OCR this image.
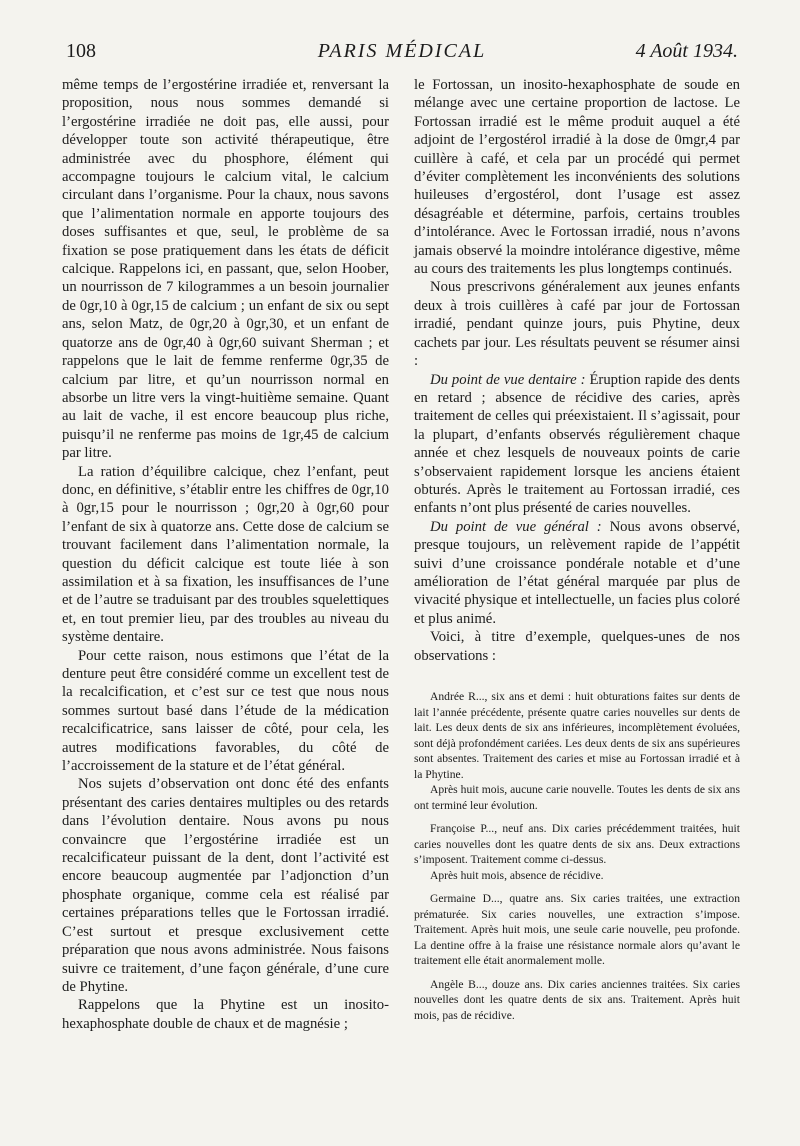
108	PARIS MÉDICAL	4 Août 1934.

même temps de l’ergostérine irradiée et, renversant la proposition, nous nous sommes demandé si l’ergostérine irradiée ne doit pas, elle aussi, pour développer toute son activité thérapeutique, être administrée avec du phosphore, élément qui accompagne toujours le calcium vital, le calcium circulant dans l’organisme. Pour la chaux, nous savons que l’alimentation normale en apporte toujours des doses suffisantes et que, seul, le problème de sa fixation se pose pratiquement dans les états de déficit calcique. Rappelons ici, en passant, que, selon Hoober, un nourrisson de 7 kilogrammes a un besoin journalier de 0gr,10 à 0gr,15 de calcium ; un enfant de six ou sept ans, selon Matz, de 0gr,20 à 0gr,30, et un enfant de quatorze ans de 0gr,40 à 0gr,60 suivant Sherman ; et rappelons que le lait de femme renferme 0gr,35 de calcium par litre, et qu’un nourrisson normal en absorbe un litre vers la vingt-huitième semaine. Quant au lait de vache, il est encore beaucoup plus riche, puisqu’il ne renferme pas moins de 1gr,45 de calcium par litre.

La ration d’équilibre calcique, chez l’enfant, peut donc, en définitive, s’établir entre les chiffres de 0gr,10 à 0gr,15 pour le nourrisson ; 0gr,20 à 0gr,60 pour l’enfant de six à quatorze ans. Cette dose de calcium se trouvant facilement dans l’alimentation normale, la question du déficit calcique est toute liée à son assimilation et à sa fixation, les insuffisances de l’une et de l’autre se traduisant par des troubles squelettiques et, en tout premier lieu, par des troubles au niveau du système dentaire.

Pour cette raison, nous estimons que l’état de la denture peut être considéré comme un excellent test de la recalcification, et c’est sur ce test que nous nous sommes surtout basé dans l’étude de la médication recalcificatrice, sans laisser de côté, pour cela, les autres modifications favorables, du côté de l’accroissement de la stature et de l’état général.

Nos sujets d’observation ont donc été des enfants présentant des caries dentaires multiples ou des retards dans l’évolution dentaire. Nous avons pu nous convaincre que l’ergostérine irradiée est un recalcificateur puissant de la dent, dont l’activité est encore beaucoup augmentée par l’adjonction d’un phosphate organique, comme cela est réalisé par certaines préparations telles que le Fortossan irradié. C’est surtout et presque exclusivement cette préparation que nous avons administrée. Nous faisons suivre ce traitement, d’une façon générale, d’une cure de Phytine.

Rappelons que la Phytine est un inosito-hexaphosphate double de chaux et de magnésie ;

le Fortossan, un inosito-hexaphosphate de soude en mélange avec une certaine proportion de lactose. Le Fortossan irradié est le même produit auquel a été adjoint de l’ergostérol irradié à la dose de 0mgr,4 par cuillère à café, et cela par un procédé qui permet d’éviter complètement les inconvénients des solutions huileuses d’ergostérol, dont l’usage est assez désagréable et détermine, parfois, certains troubles d’intolérance. Avec le Fortossan irradié, nous n’avons jamais observé la moindre intolérance digestive, même au cours des traitements les plus longtemps continués.

Nous prescrivons généralement aux jeunes enfants deux à trois cuillères à café par jour de Fortossan irradié, pendant quinze jours, puis Phytine, deux cachets par jour. Les résultats peuvent se résumer ainsi :

Du point de vue dentaire : Éruption rapide des dents en retard ; absence de récidive des caries, après traitement de celles qui préexistaient. Il s’agissait, pour la plupart, d’enfants observés régulièrement chaque année et chez lesquels de nouveaux points de carie s’observaient rapidement lorsque les anciens étaient obturés. Après le traitement au Fortossan irradié, ces enfants n’ont plus présenté de caries nouvelles.

Du point de vue général : Nous avons observé, presque toujours, un relèvement rapide de l’appétit suivi d’une croissance pondérale notable et d’une amélioration de l’état général marquée par plus de vivacité physique et intellectuelle, un facies plus coloré et plus animé.

Voici, à titre d’exemple, quelques-unes de nos observations :

Andrée R..., six ans et demi : huit obturations faites sur dents de lait l’année précédente, présente quatre caries nouvelles sur dents de lait. Les deux dents de six ans inférieures, incomplètement évoluées, sont déjà profondément cariées. Les deux dents de six ans supérieures sont absentes. Traitement des caries et mise au Fortossan irradié et à la Phytine.

Après huit mois, aucune carie nouvelle. Toutes les dents de six ans ont terminé leur évolution.

Françoise P..., neuf ans. Dix caries précédemment traitées, huit caries nouvelles dont les quatre dents de six ans. Deux extractions s’imposent. Traitement comme ci-dessus.

Après huit mois, absence de récidive.

Germaine D..., quatre ans. Six caries traitées, une extraction prématurée. Six caries nouvelles, une extraction s’impose. Traitement. Après huit mois, une seule carie nouvelle, peu profonde. La dentine offre à la fraise une résistance normale alors qu’avant le traitement elle était anormalement molle.

Angèle B..., douze ans. Dix caries anciennes traitées. Six caries nouvelles dont les quatre dents de six ans. Traitement. Après huit mois, pas de récidive.
